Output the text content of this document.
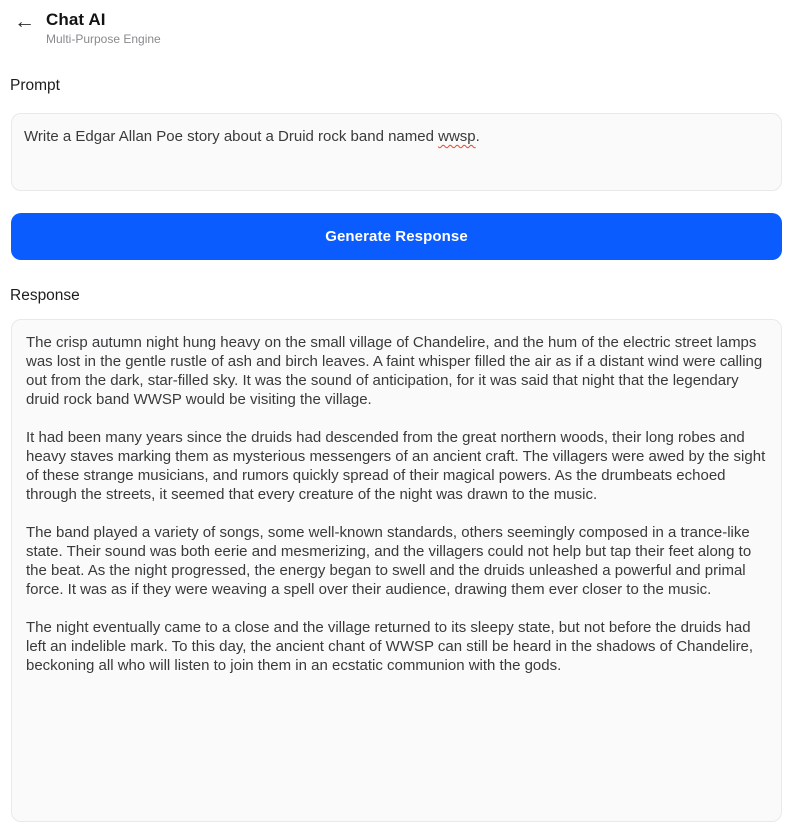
← Chat AI
Multi-Purpose Engine
Prompt

Write a Edgar Allan Poe story about a Druid rock band named wwsp.

Generate Response
Response

The crisp autumn night hung heavy on the small village of Chandelire, and the hum of the electric street lamps was lost in the gentle rustle of ash and birch leaves. A faint whisper filled the air as if a distant wind were calling out from the dark, star-filled sky. It was the sound of anticipation, for it was said that night that the legendary druid rock band WWSP would be visiting the village.

It had been many years since the druids had descended from the great northern woods, their long robes and heavy staves marking them as mysterious messengers of an ancient craft. The villagers were awed by the sight of these strange musicians, and rumors quickly spread of their magical powers. As the drumbeats echoed through the streets, it seemed that every creature of the night was drawn to the music.

The band played a variety of songs, some well-known standards, others seemingly composed in a trance-like state. Their sound was both eerie and mesmerizing, and the villagers could not help but tap their feet along to the beat. As the night progressed, the energy began to swell and the druids unleashed a powerful and primal force. It was as if they were weaving a spell over their audience, drawing them ever closer to the music.

The night eventually came to a close and the village returned to its sleepy state, but not before the druids had left an indelible mark. To this day, the ancient chant of WWSP can still be heard in the shadows of Chandelire, beckoning all who will listen to join them in an ecstatic communion with the gods.
